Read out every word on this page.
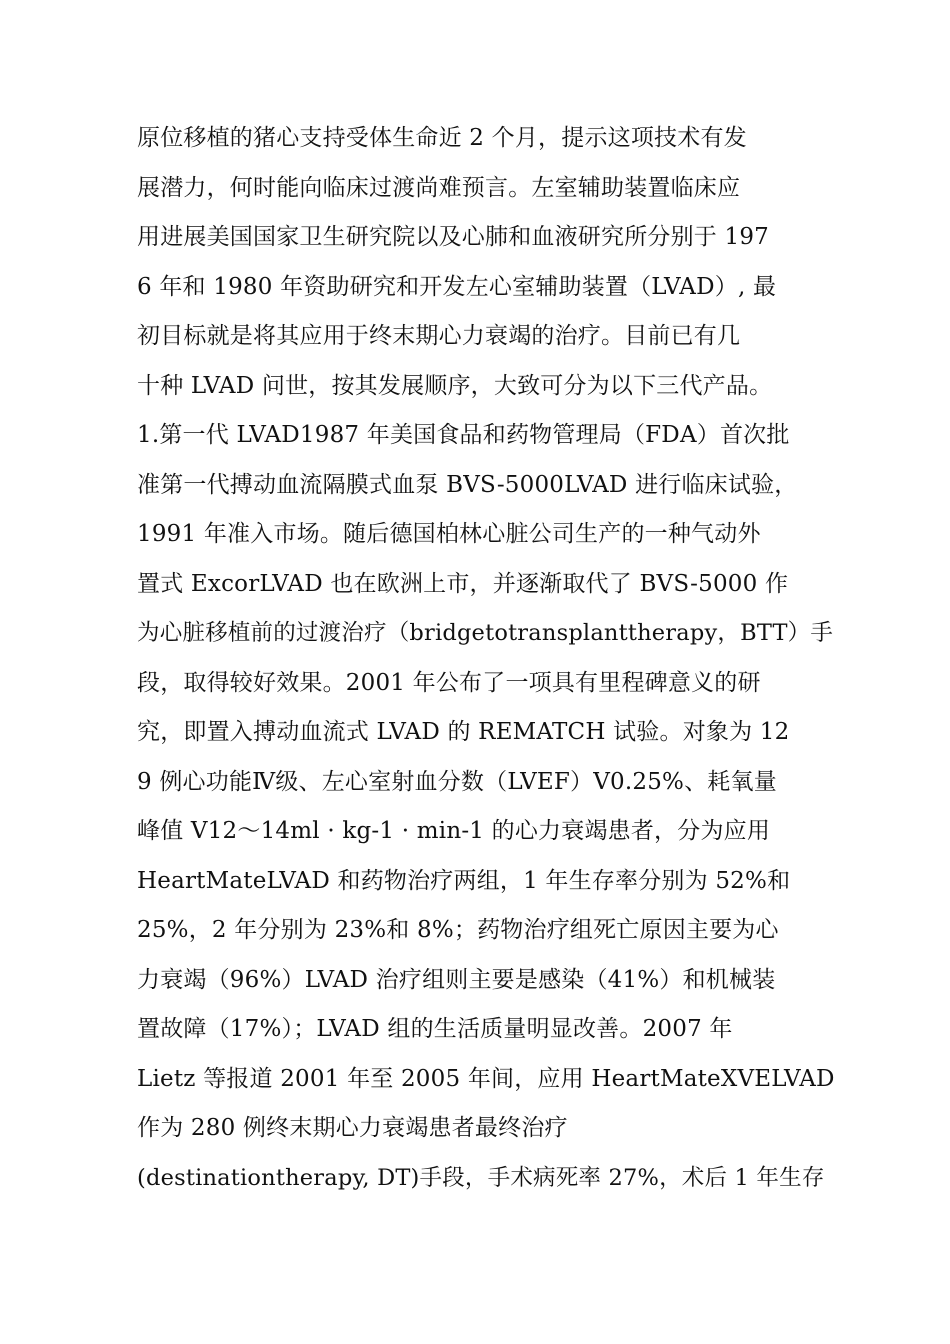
原位移植的猪心支持受体生命近 2 个月，提示这项技术有发
展潜力，何时能向临床过渡尚难预言。左室辅助装置临床应
用进展美国国家卫生研究院以及心肺和血液研究所分别于 197
6 年和 1980 年资助研究和开发左心室辅助装置（LVAD）, 最
初目标就是将其应用于终末期心力衰竭的治疗。目前已有几
十种 LVAD 问世，按其发展顺序，大致可分为以下三代产品。
1.第一代 LVAD1987 年美国食品和药物管理局（FDA）首次批
准第一代搏动血流隔膜式血泵 BVS-5000LVAD 进行临床试验，
1991 年准入市场。随后德国柏林心脏公司生产的一种气动外
置式 ExcorLVAD 也在欧洲上市，并逐渐取代了 BVS-5000 作
为心脏移植前的过渡治疗（bridgetotransplanttherapy，BTT）手
段，取得较好效果。2001 年公布了一项具有里程碑意义的研
究，即置入搏动血流式 LVAD 的 REMATCH 试验。对象为 12
9 例心功能Ⅳ级、左心室射血分数（LVEF）V0.25%、耗氧量
峰值 V12〜14ml · kg-1 · min-1 的心力衰竭患者，分为应用
HeartMateLVAD 和药物治疗两组，1 年生存率分别为 52%和
25%，2 年分别为 23%和 8%；药物治疗组死亡原因主要为心
力衰竭（96%）LVAD 治疗组则主要是感染（41%）和机械装
置故障（17%）；LVAD 组的生活质量明显改善。2007 年
Lietz 等报道 2001 年至 2005 年间，应用 HeartMateXVELVAD
作为 280 例终末期心力衰竭患者最终治疗
(destinationtherapy, DT)手段，手术病死率 27%，术后 1 年生存
